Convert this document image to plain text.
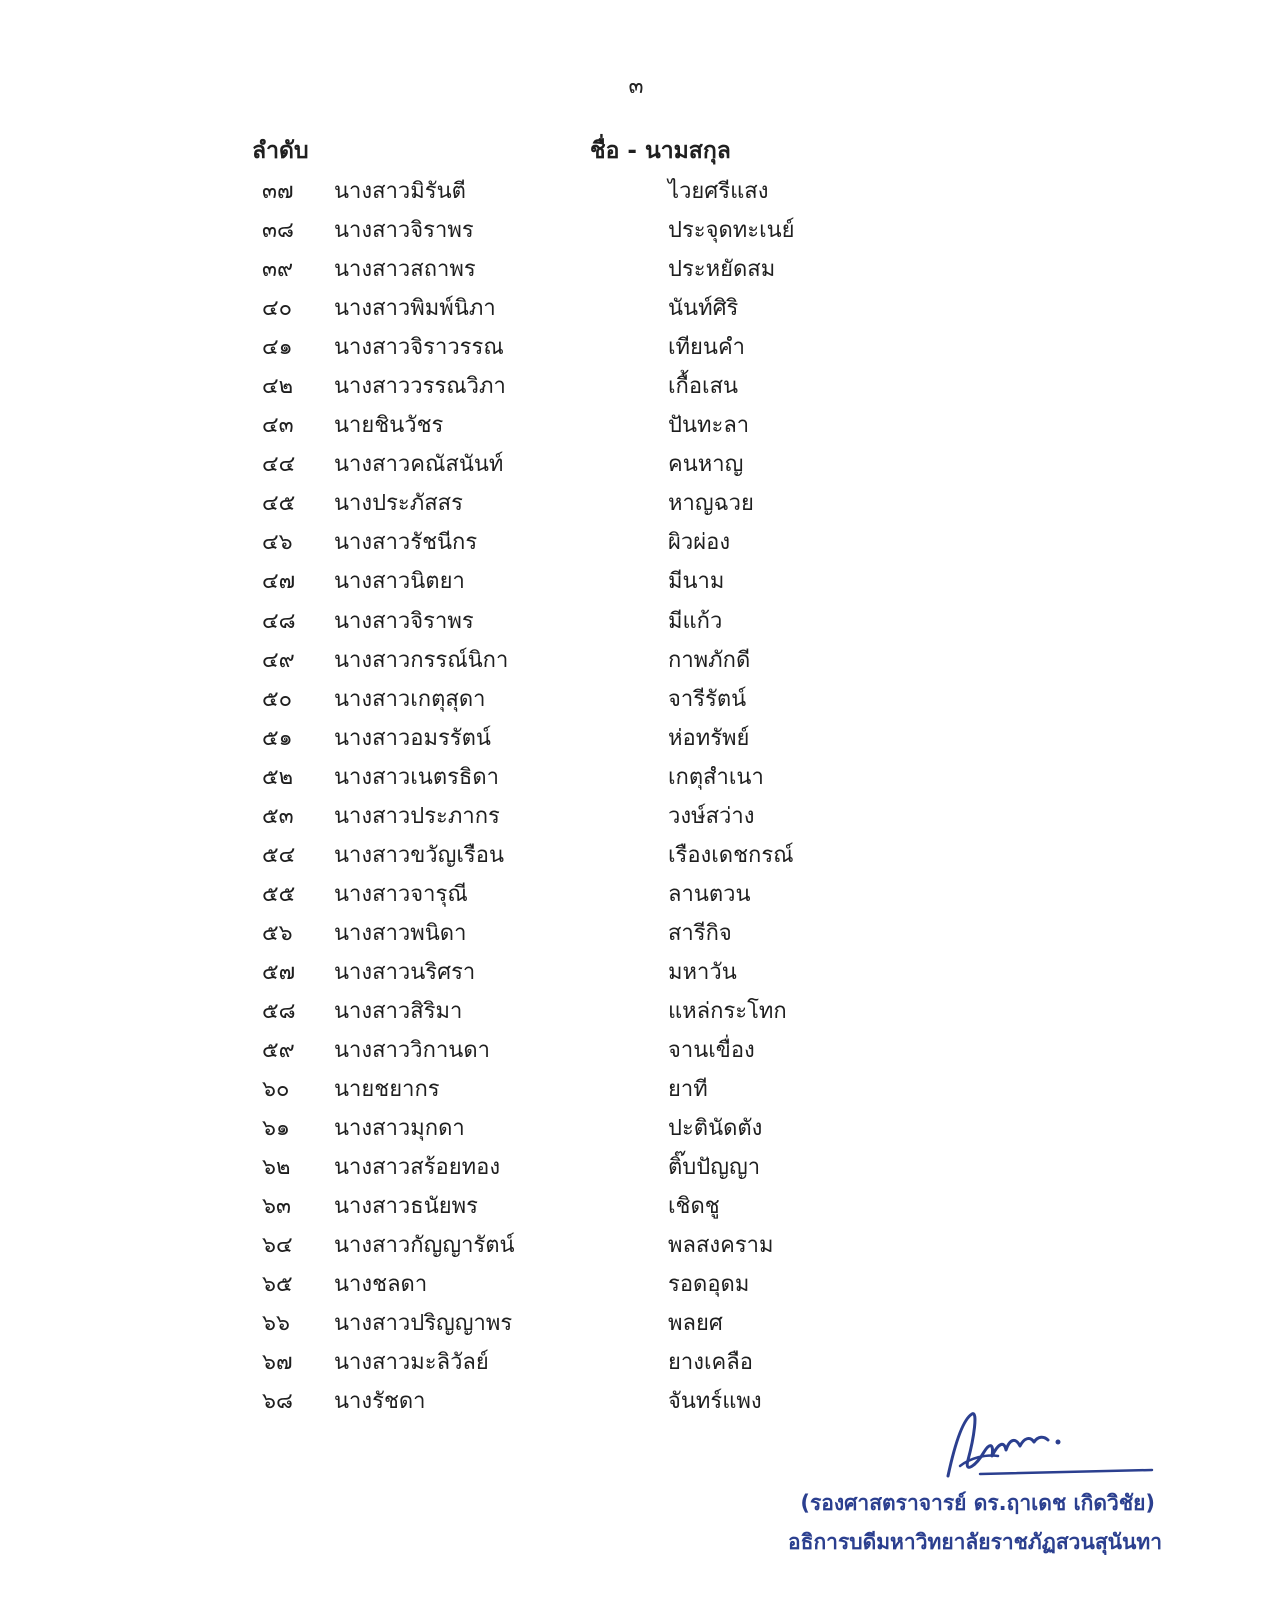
๓
ลำดับ	ชื่อ - นามสกุล
๓๗ นางสาวมิรันตี	ไวยศรีแสง
๓๘ นางสาวจิราพร	ประจุดทะเนย์
๓๙ นางสาวสถาพร	ประหยัดสม
๔๐ นางสาวพิมพ์นิภา	นันท์ศิริ
๔๑ นางสาวจิราวรรณ	เทียนคำ
๔๒ นางสาววรรณวิภา	เกื้อเสน
๔๓ นายชินวัชร	ปันทะลา
๔๔ นางสาวคณัสนันท์	คนหาญ
๔๕ นางประภัสสร	หาญฉวย
๔๖ นางสาวรัชนีกร	ผิวผ่อง
๔๗ นางสาวนิตยา	มีนาม
๔๘ นางสาวจิราพร	มีแก้ว
๔๙ นางสาวกรรณ์นิกา	กาพภักดี
๕๐ นางสาวเกตุสุดา	จารีรัตน์
๕๑ นางสาวอมรรัตน์	ห่อทรัพย์
๕๒ นางสาวเนตรธิดา	เกตุสำเนา
๕๓ นางสาวประภากร	วงษ์สว่าง
๕๔ นางสาวขวัญเรือน	เรืองเดชกรณ์
๕๕ นางสาวจารุณี	ลานตวน
๕๖ นางสาวพนิดา	สารีกิจ
๕๗ นางสาวนริศรา	มหาวัน
๕๘ นางสาวสิริมา	แหล่กระโทก
๕๙ นางสาววิกานดา	จานเขื่อง
๖๐ นายชยากร	ยาที
๖๑ นางสาวมุกดา	ปะตินัดตัง
๖๒ นางสาวสร้อยทอง	ติ๊บปัญญา
๖๓ นางสาวธนัยพร	เชิดชู
๖๔ นางสาวกัญญารัตน์	พลสงคราม
๖๕ นางชลดา	รอดอุดม
๖๖ นางสาวปริญญาพร	พลยศ
๖๗ นางสาวมะลิวัลย์	ยางเคลือ
๖๘ นางรัชดา	จันทร์แพง
(รองศาสตราจารย์ ดร.ฤาเดช เกิดวิชัย)
อธิการบดีมหาวิทยาลัยราชภัฏสวนสุนันทา
